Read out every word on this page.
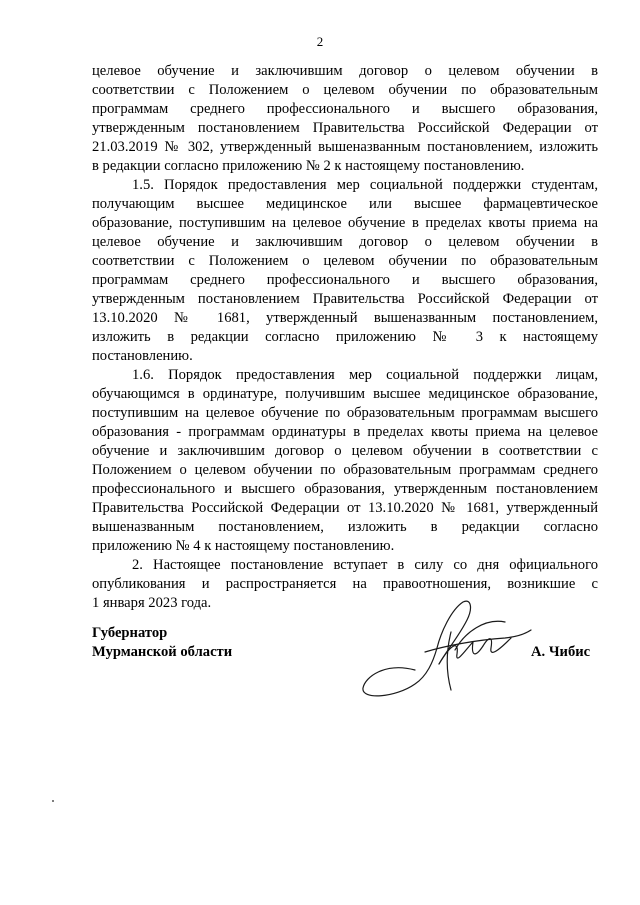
2
целевое обучение и заключившим договор о целевом обучении в
соответствии с Положением о целевом обучении по образовательным
программам среднего профессионального и высшего образования,
утвержденным постановлением Правительства Российской Федерации от
21.03.2019 № 302, утвержденный вышеназванным постановлением, изложить
в редакции согласно приложению № 2 к настоящему постановлению.
1.5. Порядок предоставления мер социальной поддержки студентам,
получающим высшее медицинское или высшее фармацевтическое
образование, поступившим на целевое обучение в пределах квоты приема на
целевое обучение и заключившим договор о целевом обучении в
соответствии с Положением о целевом обучении по образовательным
программам среднего профессионального и высшего образования,
утвержденным постановлением Правительства Российской Федерации от
13.10.2020 № 1681, утвержденный вышеназванным постановлением,
изложить в редакции согласно приложению № 3 к настоящему
постановлению.
1.6. Порядок предоставления мер социальной поддержки лицам,
обучающимся в ординатуре, получившим высшее медицинское образование,
поступившим на целевое обучение по образовательным программам высшего
образования - программам ординатуры в пределах квоты приема на целевое
обучение и заключившим договор о целевом обучении в соответствии с
Положением о целевом обучении по образовательным программам среднего
профессионального и высшего образования, утвержденным постановлением
Правительства Российской Федерации от 13.10.2020 № 1681, утвержденный
вышеназванным постановлением, изложить в редакции согласно
приложению № 4 к настоящему постановлению.
2. Настоящее постановление вступает в силу со дня официального
опубликования и распространяется на правоотношения, возникшие с
1 января 2023 года.
Губернатор
Мурманской области	А. Чибис
